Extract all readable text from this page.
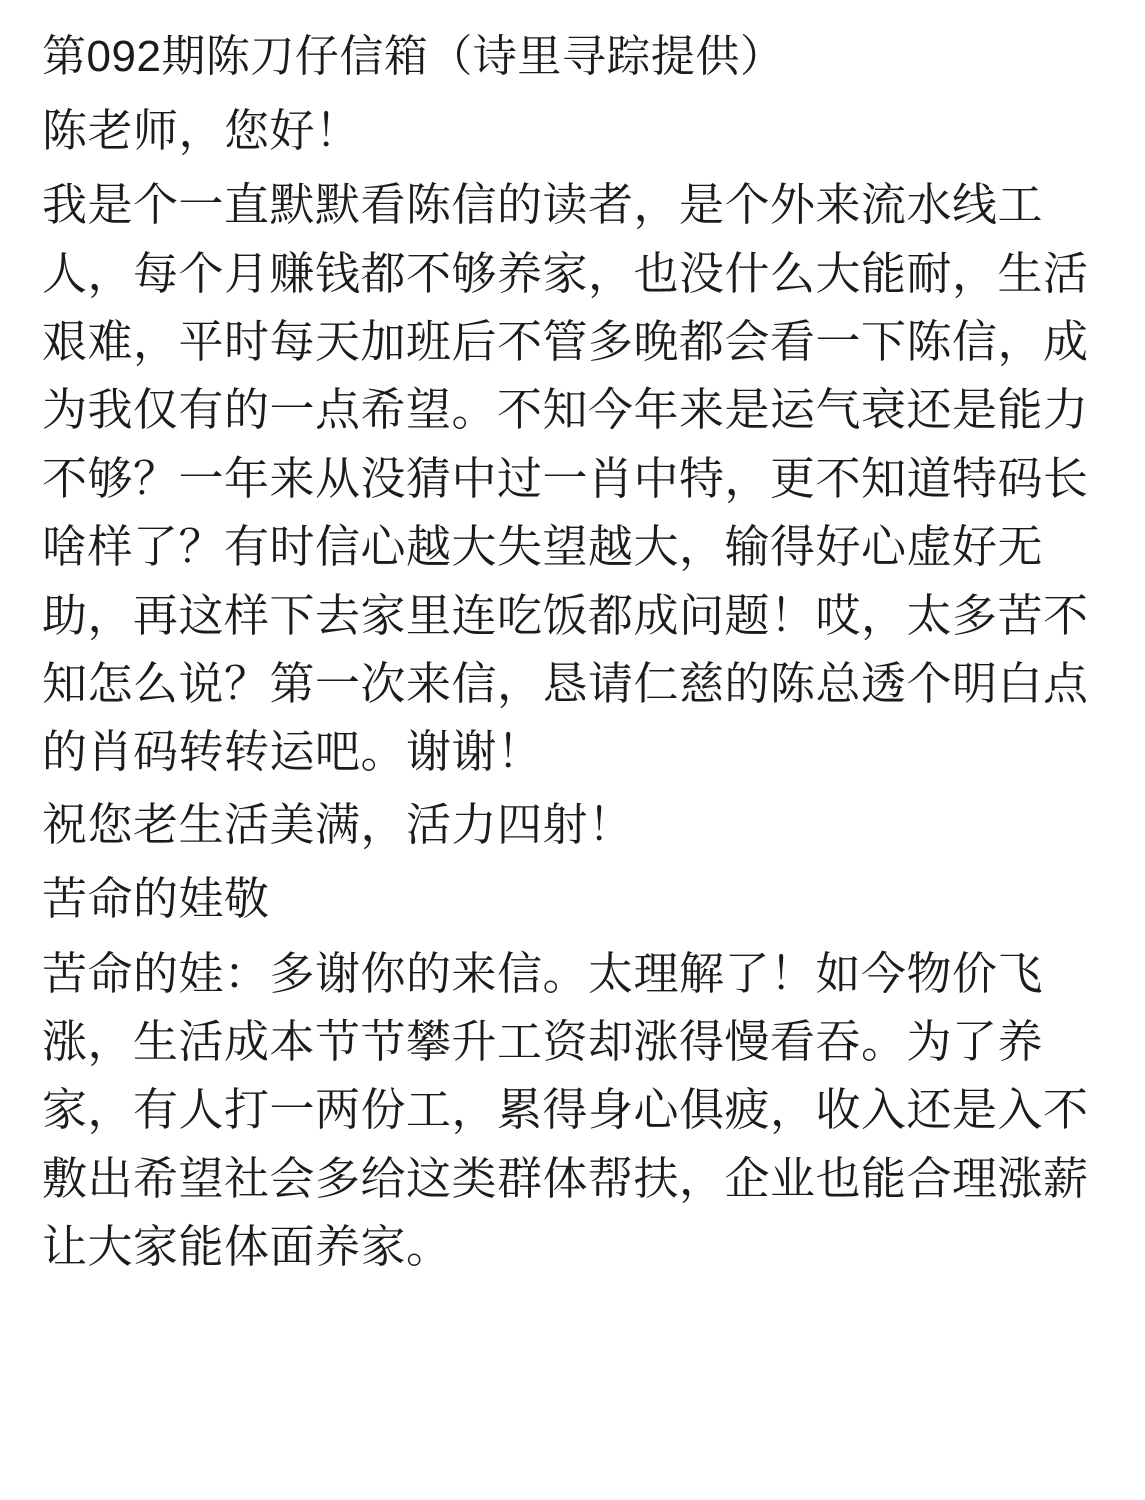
第092期陈刀仔信箱（诗里寻踪提供）

陈老师，您好！

我是个一直默默看陈信的读者，是个外来流水线工人，每个月赚钱都不够养家，也没什么大能耐，生活艰难，平时每天加班后不管多晚都会看一下陈信，成为我仅有的一点希望。不知今年来是运气衰还是能力不够？一年来从没猜中过一肖中特，更不知道特码长啥样了？有时信心越大失望越大，输得好心虚好无助，再这样下去家里连吃饭都成问题！哎，太多苦不知怎么说？第一次来信，恳请仁慈的陈总透个明白点的肖码转转运吧。谢谢！

祝您老生活美满，活力四射！

苦命的娃敬

苦命的娃：多谢你的来信。太理解了！如今物价飞涨，生活成本节节攀升工资却涨得慢看吞。为了养家，有人打一两份工，累得身心俱疲，收入还是入不敷出希望社会多给这类群体帮扶，企业也能合理涨薪让大家能体面养家。
